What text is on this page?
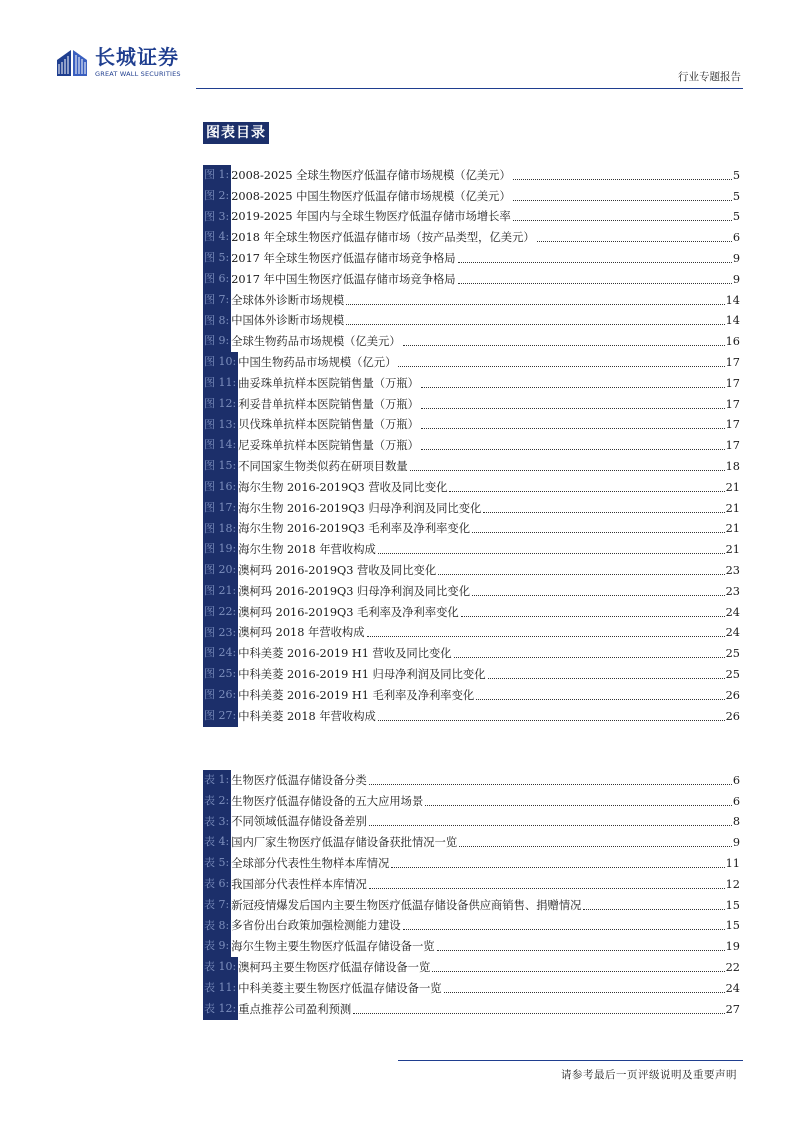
长城证券
GREAT WALL SECURITIES	行业专题报告
图表目录
图 1: 2008-2025 全球生物医疗低温存储市场规模（亿美元）	5
图 2: 2008-2025 中国生物医疗低温存储市场规模（亿美元）	5
图 3: 2019-2025 年国内与全球生物医疗低温存储市场增长率	5
图 4: 2018 年全球生物医疗低温存储市场（按产品类型，亿美元）	6
图 5: 2017 年全球生物医疗低温存储市场竞争格局	9
图 6: 2017 年中国生物医疗低温存储市场竞争格局	9
图 7: 全球体外诊断市场规模	14
图 8: 中国体外诊断市场规模	14
图 9: 全球生物药品市场规模（亿美元）	16
图 10: 中国生物药品市场规模（亿元）	17
图 11: 曲妥珠单抗样本医院销售量（万瓶）	17
图 12: 利妥昔单抗样本医院销售量（万瓶）	17
图 13: 贝伐珠单抗样本医院销售量（万瓶）	17
图 14: 尼妥珠单抗样本医院销售量（万瓶）	17
图 15: 不同国家生物类似药在研项目数量	18
图 16: 海尔生物 2016-2019Q3 营收及同比变化	21
图 17: 海尔生物 2016-2019Q3 归母净利润及同比变化	21
图 18: 海尔生物 2016-2019Q3 毛利率及净利率变化	21
图 19: 海尔生物 2018 年营收构成	21
图 20: 澳柯玛 2016-2019Q3 营收及同比变化	23
图 21: 澳柯玛 2016-2019Q3 归母净利润及同比变化	23
图 22: 澳柯玛 2016-2019Q3 毛利率及净利率变化	24
图 23: 澳柯玛 2018 年营收构成	24
图 24: 中科美菱 2016-2019 H1 营收及同比变化	25
图 25: 中科美菱 2016-2019 H1 归母净利润及同比变化	25
图 26: 中科美菱 2016-2019 H1 毛利率及净利率变化	26
图 27: 中科美菱 2018 年营收构成	26
表 1: 生物医疗低温存储设备分类	6
表 2: 生物医疗低温存储设备的五大应用场景	6
表 3: 不同领域低温存储设备差别	8
表 4: 国内厂家生物医疗低温存储设备获批情况一览	9
表 5: 全球部分代表性生物样本库情况	11
表 6: 我国部分代表性样本库情况	12
表 7: 新冠疫情爆发后国内主要生物医疗低温存储设备供应商销售、捐赠情况	15
表 8: 多省份出台政策加强检测能力建设	15
表 9: 海尔生物主要生物医疗低温存储设备一览	19
表 10: 澳柯玛主要生物医疗低温存储设备一览	22
表 11: 中科美菱主要生物医疗低温存储设备一览	24
表 12: 重点推荐公司盈利预测	27
请参考最后一页评级说明及重要声明
